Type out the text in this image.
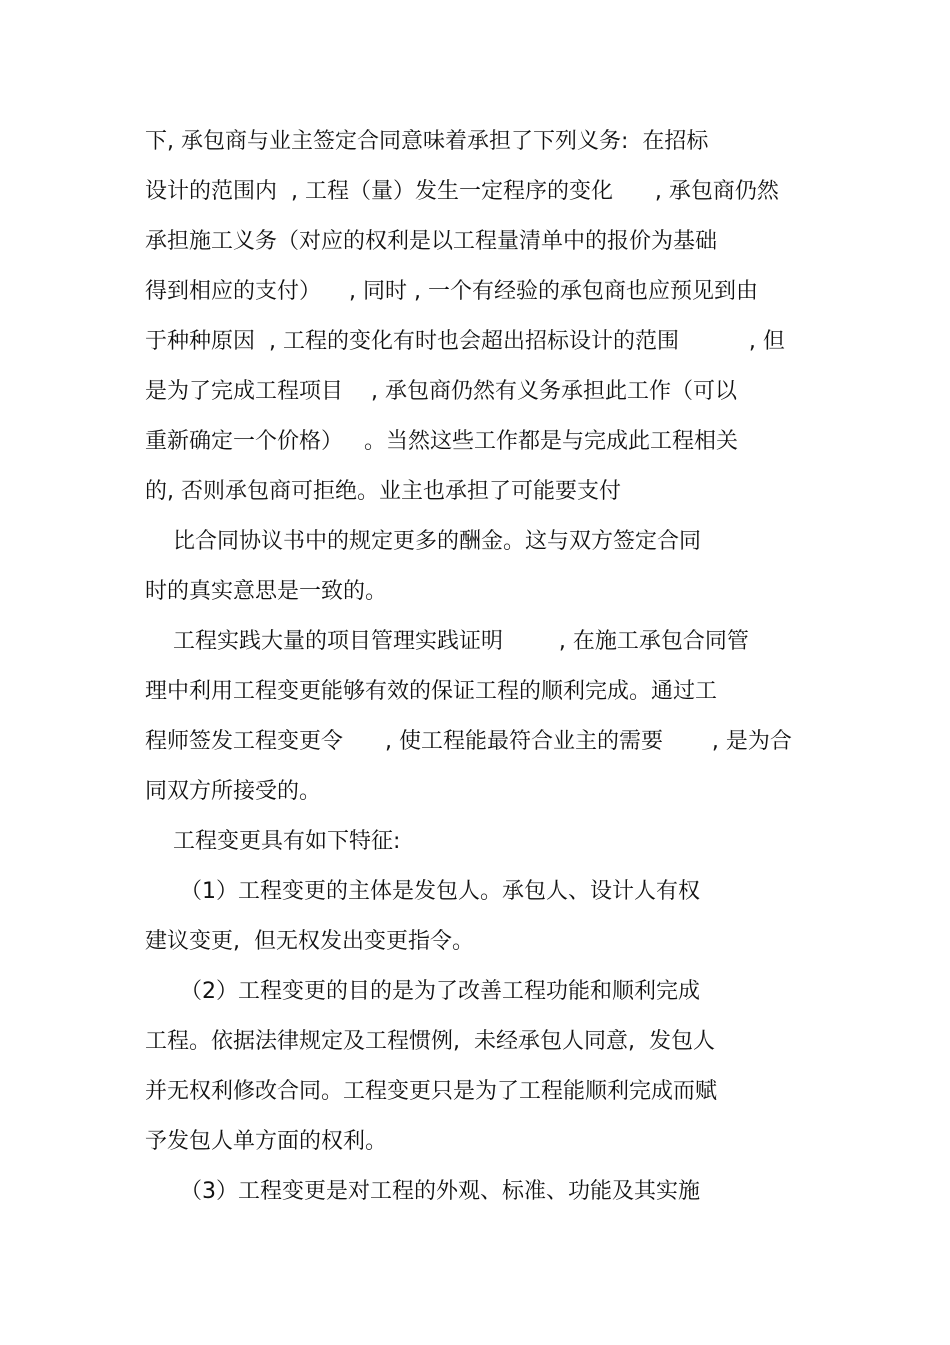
下, 承包商与业主签定合同意味着承担了下列义务:  在招标

设计的范围内  , 工程（量）发生一定程序的变化      , 承包商仍然

承担施工义务（对应的权利是以工程量清单中的报价为基础

得到相应的支付）    , 同时 , 一个有经验的承包商也应预见到由

于种种原因  , 工程的变化有时也会超出招标设计的范围          , 但

是为了完成工程项目    , 承包商仍然有义务承担此工作（可以

重新确定一个价格）   。当然这些工作都是与完成此工程相关

的, 否则承包商可拒绝。业主也承担了可能要支付

比合同协议书中的规定更多的酬金。这与双方签定合同

时的真实意思是一致的。

工程实践大量的项目管理实践证明        , 在施工承包合同管

理中利用工程变更能够有效的保证工程的顺利完成。通过工

程师签发工程变更令      , 使工程能最符合业主的需要       , 是为合

同双方所接受的。

工程变更具有如下特征:

（1）工程变更的主体是发包人。承包人、设计人有权

建议变更,  但无权发出变更指令。

（2）工程变更的目的是为了改善工程功能和顺利完成

工程。依据法律规定及工程惯例,  未经承包人同意,  发包人

并无权利修改合同。工程变更只是为了工程能顺利完成而赋

予发包人单方面的权利。

（3）工程变更是对工程的外观、标准、功能及其实施
